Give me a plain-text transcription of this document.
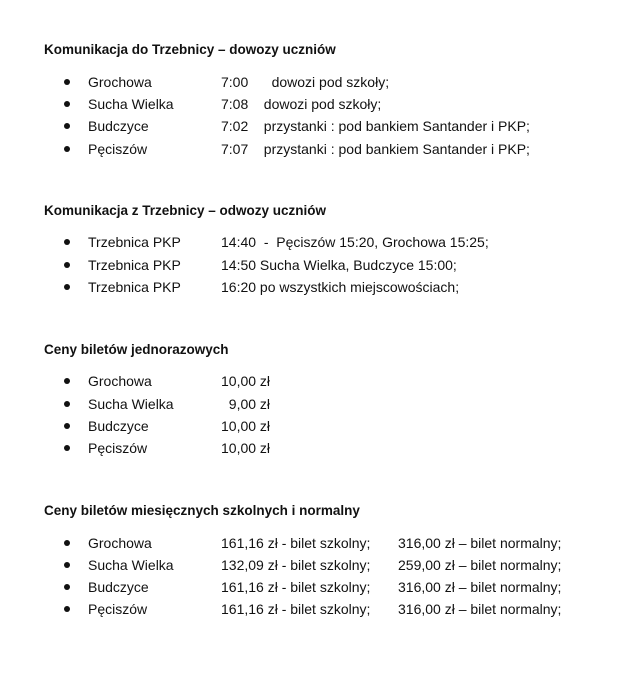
Komunikacja do Trzebnicy – dowozy uczniów
Grochowa	7:00      dowozi pod szkoły;
Sucha Wielka	7:08    dowozi pod szkoły;
Budczyce	7:02    przystanki : pod bankiem Santander i PKP;
Pęciszów	7:07    przystanki : pod bankiem Santander i PKP;
Komunikacja z Trzebnicy – odwozy uczniów
Trzebnica PKP	14:40  -  Pęciszów 15:20, Grochowa 15:25;
Trzebnica PKP	14:50 Sucha Wielka, Budczyce 15:00;
Trzebnica PKP	16:20 po wszystkich miejscowościach;
Ceny biletów jednorazowych
Grochowa	10,00 zł
Sucha Wielka	9,00 zł
Budczyce	10,00 zł
Pęciszów	10,00 zł
Ceny biletów miesięcznych szkolnych i normalny
Grochowa	161,16 zł - bilet szkolny; 316,00 zł – bilet normalny;
Sucha Wielka	132,09 zł - bilet szkolny; 259,00 zł – bilet normalny;
Budczyce	161,16 zł - bilet szkolny; 316,00 zł – bilet normalny;
Pęciszów	161,16 zł - bilet szkolny; 316,00 zł – bilet normalny;
